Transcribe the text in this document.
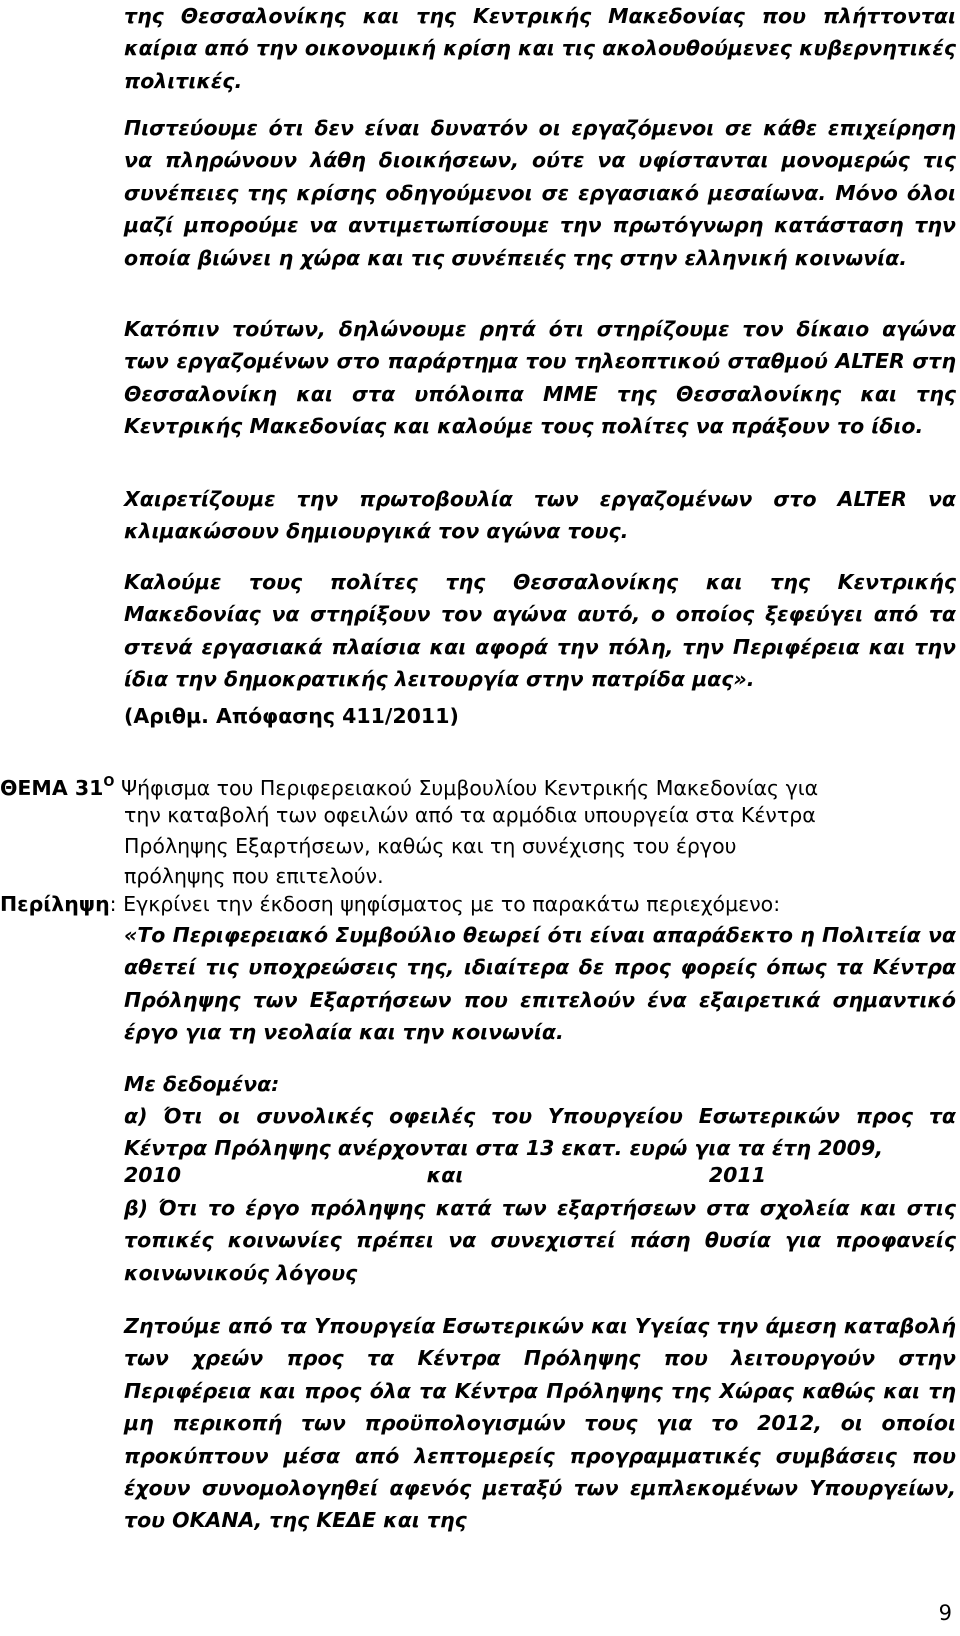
της Θεσσαλονίκης και της Κεντρικής Μακεδονίας που πλήττονται καίρια από την οικονομική κρίση και τις ακολουθούμενες κυβερνητικές πολιτικές.
Πιστεύουμε ότι δεν είναι δυνατόν οι εργαζόμενοι σε κάθε επιχείρηση να πληρώνουν λάθη διοικήσεων, ούτε να υφίστανται μονομερώς τις συνέπειες της κρίσης οδηγούμενοι σε εργασιακό μεσαίωνα. Μόνο όλοι μαζί μπορούμε να αντιμετωπίσουμε την πρωτόγνωρη κατάσταση την οποία βιώνει η χώρα και τις συνέπειές της στην ελληνική κοινωνία.
Κατόπιν τούτων, δηλώνουμε ρητά ότι στηρίζουμε τον δίκαιο αγώνα των εργαζομένων στο παράρτημα του τηλεοπτικού σταθμού ALTER στη Θεσσαλονίκη και στα υπόλοιπα ΜΜΕ της Θεσσαλονίκης και της Κεντρικής Μακεδονίας και καλούμε τους πολίτες να πράξουν το ίδιο.
Χαιρετίζουμε την πρωτοβουλία των εργαζομένων στο ALTER να κλιμακώσουν δημιουργικά τον αγώνα τους.
Καλούμε τους πολίτες της Θεσσαλονίκης και της Κεντρικής Μακεδονίας να στηρίξουν τον αγώνα αυτό, ο οποίος ξεφεύγει από τα στενά εργασιακά πλαίσια και αφορά την πόλη, την Περιφέρεια και την ίδια την δημοκρατικής λειτουργία στην πατρίδα μας».
(Αριθμ. Απόφασης 411/2011)
ΘΕΜΑ $31^O$ Ψήφισμα του Περιφερειακού Συμβουλίου Κεντρικής Μακεδονίας για
την καταβολή των οφειλών από τα αρμόδια υπουργεία στα Κέντρα
Πρόληψης Εξαρτήσεων, καθώς και τη συνέχισης του έργου
πρόληψης που επιτελούν.
Περίληψη: Εγκρίνει την έκδοση ψηφίσματος με το παρακάτω περιεχόμενο:
«Το Περιφερειακό Συμβούλιο θεωρεί ότι είναι απαράδεκτο η Πολιτεία να αθετεί τις υποχρεώσεις της, ιδιαίτερα δε προς φορείς όπως τα Κέντρα Πρόληψης των Εξαρτήσεων που επιτελούν ένα εξαιρετικά σημαντικό έργο για τη νεολαία και την κοινωνία.
Με δεδομένα:
α) Ότι οι συνολικές οφειλές του Υπουργείου Εσωτερικών προς τα Κέντρα Πρόληψης ανέρχονται στα 13 εκατ. ευρώ για τα έτη 2009,
2010	και	2011
β) Ότι το έργο πρόληψης κατά των εξαρτήσεων στα σχολεία και στις τοπικές κοινωνίες πρέπει να συνεχιστεί πάση θυσία για προφανείς κοινωνικούς λόγους
Ζητούμε από τα Υπουργεία Εσωτερικών και Υγείας την άμεση καταβολή των χρεών προς τα Κέντρα Πρόληψης που λειτουργούν στην Περιφέρεια και προς όλα τα Κέντρα Πρόληψης της Χώρας καθώς και τη μη περικοπή των προϋπολογισμών τους για το 2012, οι οποίοι προκύπτουν μέσα από λεπτομερείς προγραμματικές συμβάσεις που έχουν συνομολογηθεί αφενός μεταξύ των εμπλεκομένων Υπουργείων, του ΟΚΑΝΑ, της ΚΕΔΕ και της
9
